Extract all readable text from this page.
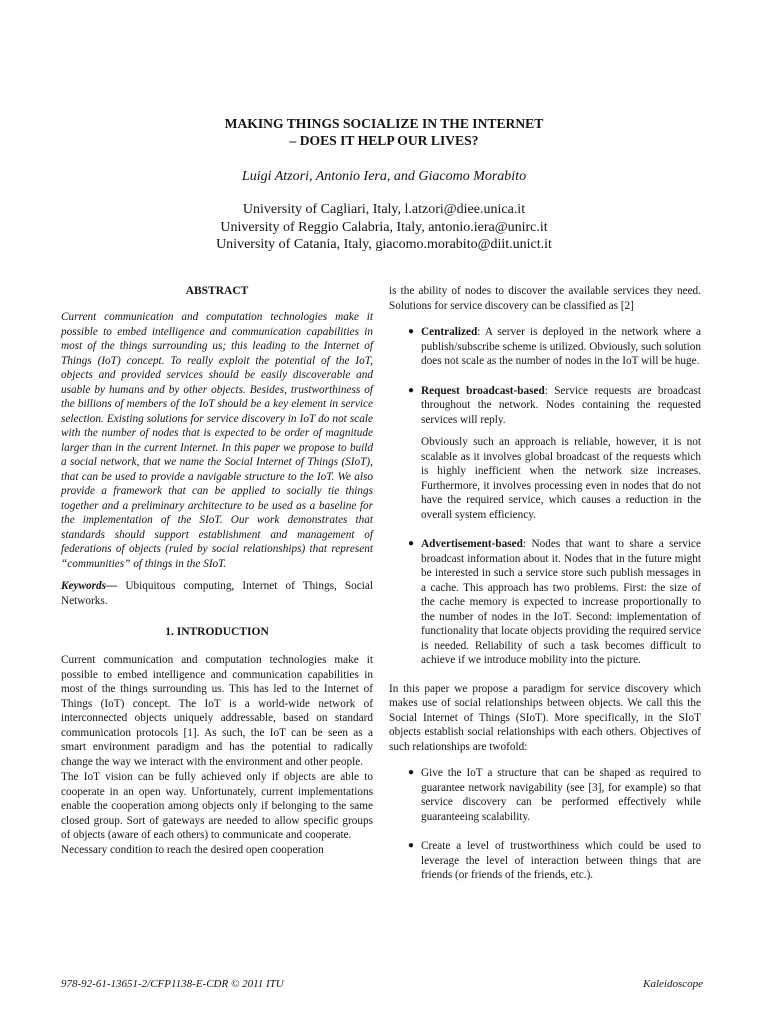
MAKING THINGS SOCIALIZE IN THE INTERNET
– DOES IT HELP OUR LIVES?
Luigi Atzori, Antonio Iera, and Giacomo Morabito
University of Cagliari, Italy, l.atzori@diee.unica.it
University of Reggio Calabria, Italy, antonio.iera@unirc.it
University of Catania, Italy, giacomo.morabito@diit.unict.it
ABSTRACT

Current communication and computation technologies make it possible to embed intelligence and communication capabilities in most of the things surrounding us; this leading to the Internet of Things (IoT) concept. To really exploit the potential of the IoT, objects and provided services should be easily discoverable and usable by humans and by other objects. Besides, trustworthiness of the billions of members of the IoT should be a key element in service selection. Existing solutions for service discovery in IoT do not scale with the number of nodes that is expected to be order of magnitude larger than in the current Internet. In this paper we propose to build a social network, that we name the Social Internet of Things (SIoT), that can be used to provide a navigable structure to the IoT. We also provide a framework that can be applied to socially tie things together and a preliminary architecture to be used as a baseline for the implementation of the SIoT. Our work demonstrates that standards should support establishment and management of federations of objects (ruled by social relationships) that represent “communities” of things in the SIoT.

Keywords— Ubiquitous computing, Internet of Things, Social Networks.

1. INTRODUCTION

Current communication and computation technologies make it possible to embed intelligence and communication capabilities in most of the things surrounding us. This has led to the Internet of Things (IoT) concept. The IoT is a world-wide network of interconnected objects uniquely addressable, based on standard communication protocols [1]. As such, the IoT can be seen as a smart environment paradigm and has the potential to radically change the way we interact with the environment and other people.

The IoT vision can be fully achieved only if objects are able to cooperate in an open way. Unfortunately, current implementations enable the cooperation among objects only if belonging to the same closed group. Sort of gateways are needed to allow specific groups of objects (aware of each others) to communicate and cooperate.

Necessary condition to reach the desired open cooperation

is the ability of nodes to discover the available services they need. Solutions for service discovery can be classified as [2]

● Centralized: A server is deployed in the network where a publish/subscribe scheme is utilized. Obviously, such solution does not scale as the number of nodes in the IoT will be huge.
● Request broadcast-based: Service requests are broadcast throughout the network. Nodes containing the requested services will reply.

Obviously such an approach is reliable, however, it is not scalable as it involves global broadcast of the requests which is highly inefficient when the network size increases. Furthermore, it involves processing even in nodes that do not have the required service, which causes a reduction in the overall system efficiency.

● Advertisement-based: Nodes that want to share a service broadcast information about it. Nodes that in the future might be interested in such a service store such publish messages in a cache. This approach has two problems. First: the size of the cache memory is expected to increase proportionally to the number of nodes in the IoT. Second: implementation of functionality that locate objects providing the required service is needed. Reliability of such a task becomes difficult to achieve if we introduce mobility into the picture.

In this paper we propose a paradigm for service discovery which makes use of social relationships between objects. We call this the Social Internet of Things (SIoT). More specifically, in the SIoT objects establish social relationships with each others. Objectives of such relationships are twofold:

● Give the IoT a structure that can be shaped as required to guarantee network navigability (see [3], for example) so that service discovery can be performed effectively while guaranteeing scalability.
● Create a level of trustworthiness which could be used to leverage the level of interaction between things that are friends (or friends of the friends, etc.).
978-92-61-13651-2/CFP1138-E-CDR © 2011 ITU	Kaleidoscope
